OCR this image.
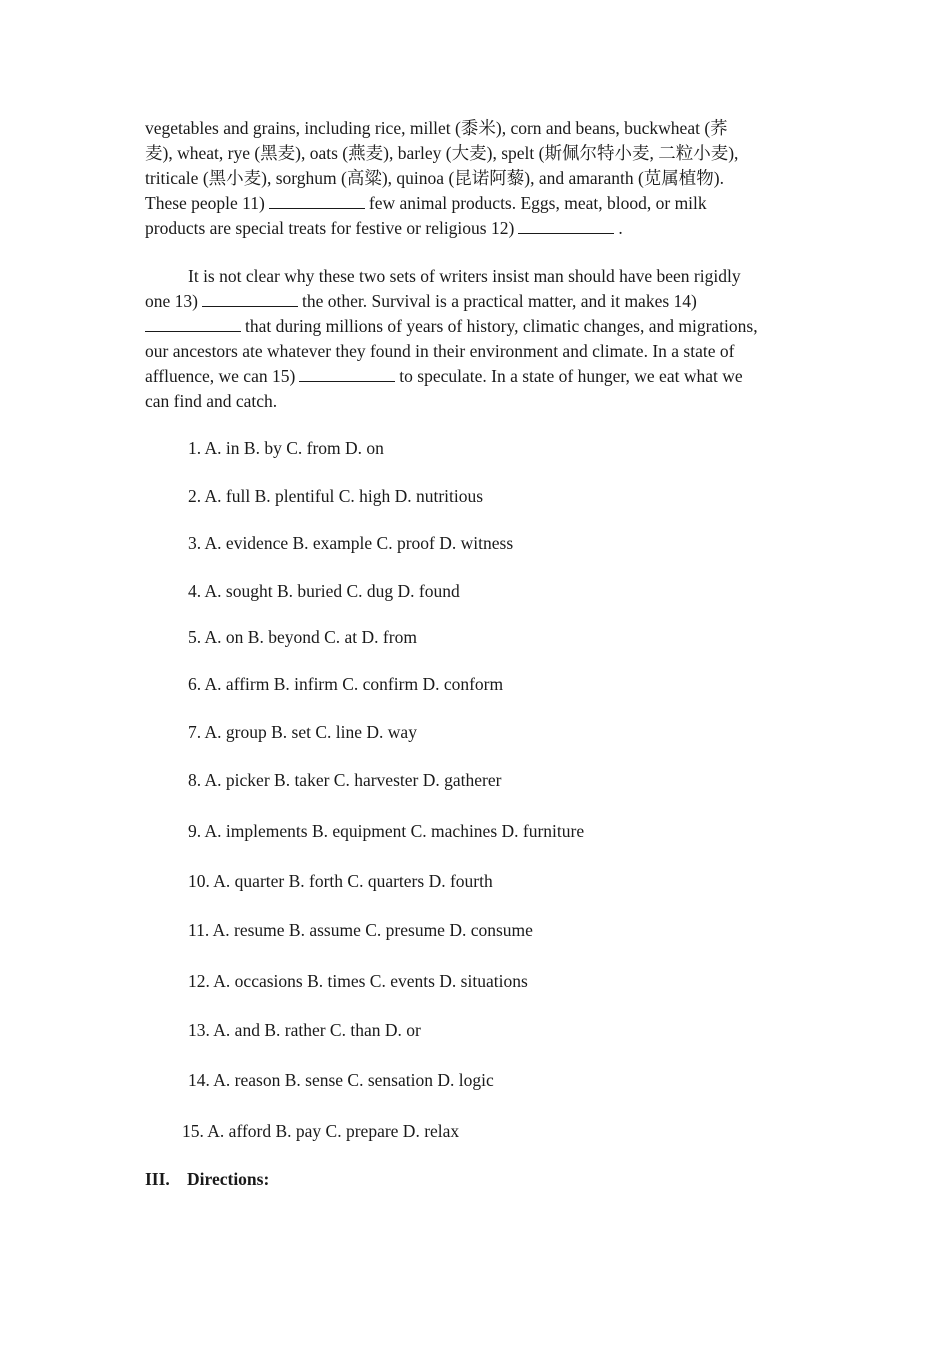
vegetables and grains, including rice, millet (黍米), corn and beans, buckwheat (荞
麦), wheat, rye (黑麦), oats (燕麦), barley (大麦), spelt (斯佩尔特小麦, 二粒小麦),
triticale (黑小麦), sorghum (高粱), quinoa (昆诺阿藜), and amaranth (苋属植物).
These people 11)	few animal products. Eggs, meat, blood, or milk
products are special treats for festive or religious 12)	.
It is not clear why these two sets of writers insist man should have been rigidly
one 13)	the other. Survival is a practical matter, and it makes 14)
that during millions of years of history, climatic changes, and migrations,
our ancestors ate whatever they found in their environment and climate. In a state of
affluence, we can 15)	to speculate. In a state of hunger, we eat what we
can find and catch.
1. A. in B. by C. from D. on
2. A. full B. plentiful C. high D. nutritious
3. A. evidence B. example C. proof D. witness
4. A. sought B. buried C. dug D. found
5. A. on B. beyond C. at D. from
6. A. affirm B. infirm C. confirm D. conform
7. A. group B. set C. line D. way
8. A. picker B. taker C. harvester D. gatherer
9. A. implements B. equipment C. machines D. furniture
10. A. quarter B. forth C. quarters D. fourth
11. A. resume B. assume C. presume D. consume
12. A. occasions B. times C. events D. situations
13. A. and B. rather C. than D. or
14. A. reason B. sense C. sensation D. logic
15. A. afford B. pay C. prepare D. relax
III. Directions:
